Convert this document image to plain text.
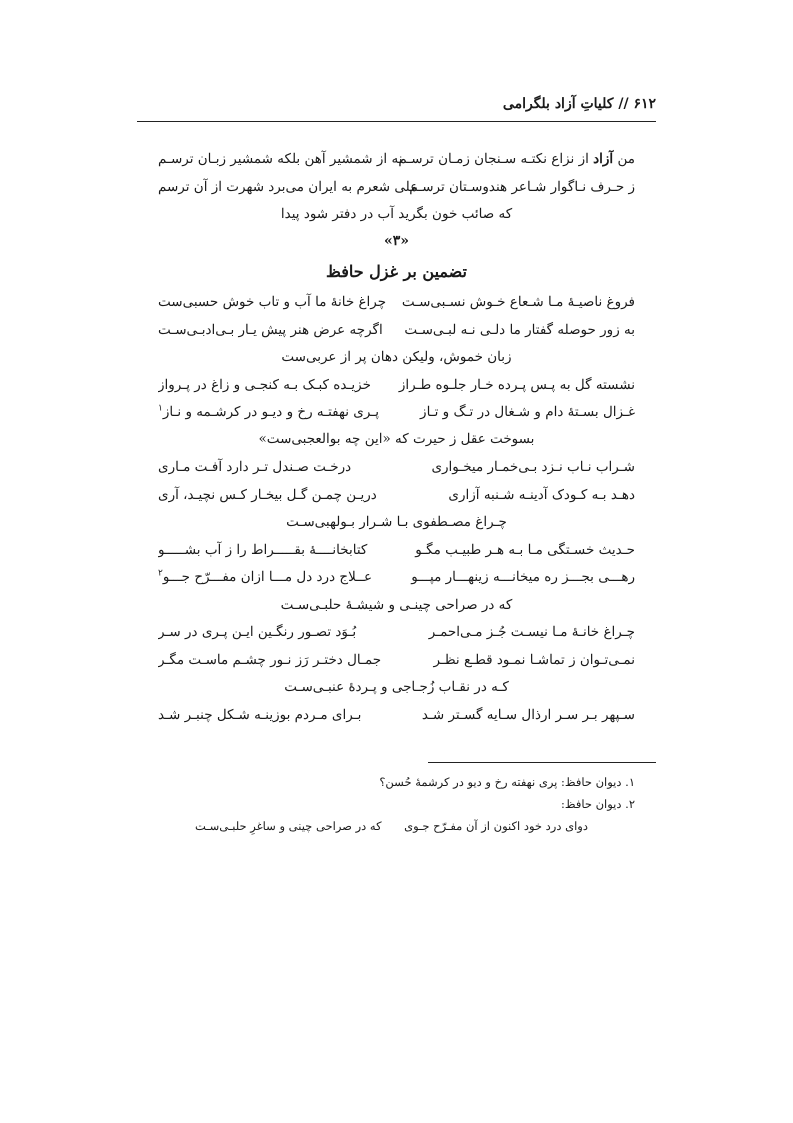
۶۱۲ // کلیاتِ آزاد بلگرامی
من آزاد از نزاع نکتـه سـنجان زمـان ترسـم
نه از شمشیر آهن بلکه شمشیر زبـان ترسـم
ز حـرف نـاگوار شـاعر هندوسـتان ترسـم
علی شعرم به ایران می‌برد شهرت از آن ترسم
که صائب خون بگرید آب در دفتر شود پیدا
«۳»
تضمین بر غزل حافظ
فروغ ناصیـهٔ مـا شـعاع خـوش نسـبی‌سـت
چراغ خانهٔ ما آب و تاب خوش حسبی‌ست
به زور حوصله گفتار ما دلـی نـه لبـی‌سـت
اگرچه عرض هنر پیش یـار بـی‌ادبـی‌سـت
زبان خموش، ولیکن دهان پر از عربی‌ست
نشسته گل به پـس پـرده خـار جلـوه طـراز
خزیـده کبـک بـه کنجـی و زاغ در پـرواز
غـزال بسـتهٔ دام و شـغال در تـگ و تـاز
پـری نهفتـه رخ و دیـو در کرشـمه و نـاز$^۱$
بسوخت عقل ز حیرت که «این چه بوالعجبی‌ست»
شـراب نـاب نـزد بـی‌خمـار میخـواری
درخـت صـندل تـر دارد آفـت مـاری
دهـد بـه کـودک آدینـه شـنبه آزاری
دریـن چمـن گـل بیخـار کـس نچیـد، آری
چـراغ مصـطفوی بـا شـرار بـولهبی‌سـت
حـدیث خسـتگی مـا بـه هـر طبیـب مگـو
کتابخانــــهٔ بقـــــراط را ز آب بشـــــو
رهـــی بجـــز ره میخانـــه زینهـــار مپـــو
عــلاج درد دل مـــا ازان مفـــرّح جـــو$^۲$
که در صراحی چینـی و شیشـهٔ حلبـی‌سـت
چـراغ خانـهٔ مـا نیسـت جُـز مـی‌احمـر
بُـوَد تصـور رنگـین ایـن پـری در سـر
نمـی‌تـوان ز تماشـا نمـود قطـع نظـر
جمـال دختـر رَز نـور چشـم ماسـت مگـر
کـه در نقـاب زُجـاجی و پـردهٔ عنبـی‌سـت
سـپهر بـر سـر ارذال سـایه گسـتر شـد
بـرای مـردم بوزینـه شـکل چنبـر شـد
۱. دیوان حافظ: پری نهفته رخ و دیو در کرشمهٔ حُسن؟
۲. دیوان حافظ:
دوای درد خود اکنون از آن مفـرّح جـوی
که در صراحی چینی و ساغرِ حلبـی‌سـت
